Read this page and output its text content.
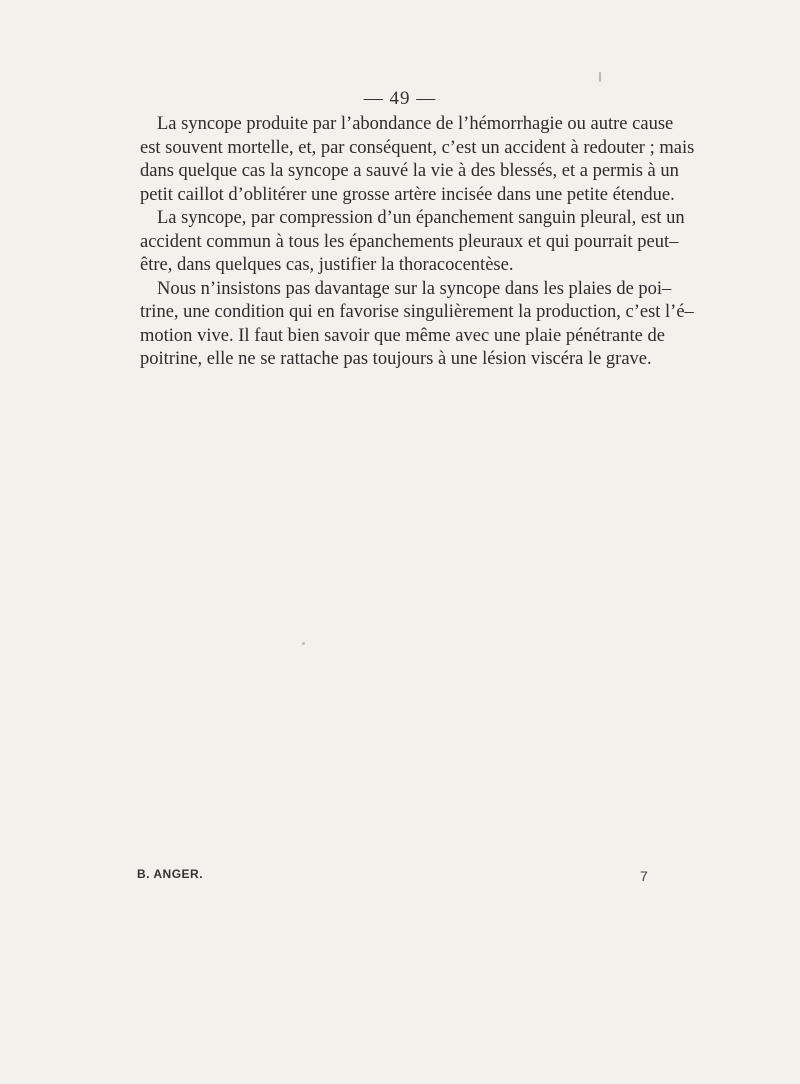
— 49 —
La syncope produite par l’abondance de l’hémorrhagie ou autre cause
est souvent mortelle, et, par conséquent, c’est un accident à redouter ; mais
dans quelque cas la syncope a sauvé la vie à des blessés, et a permis à un
petit caillot d’oblitérer une grosse artère incisée dans une petite étendue.
La syncope, par compression d’un épanchement sanguin pleural, est un
accident commun à tous les épanchements pleuraux et qui pourrait peut–
être, dans quelques cas, justifier la thoracocentèse.
Nous n’insistons pas davantage sur la syncope dans les plaies de poi–
trine, une condition qui en favorise singulièrement la production, c’est l’é–
motion vive. Il faut bien savoir que même avec une plaie pénétrante de
poitrine, elle ne se rattache pas toujours à une lésion viscéra le grave.
B. ANGER.	7
